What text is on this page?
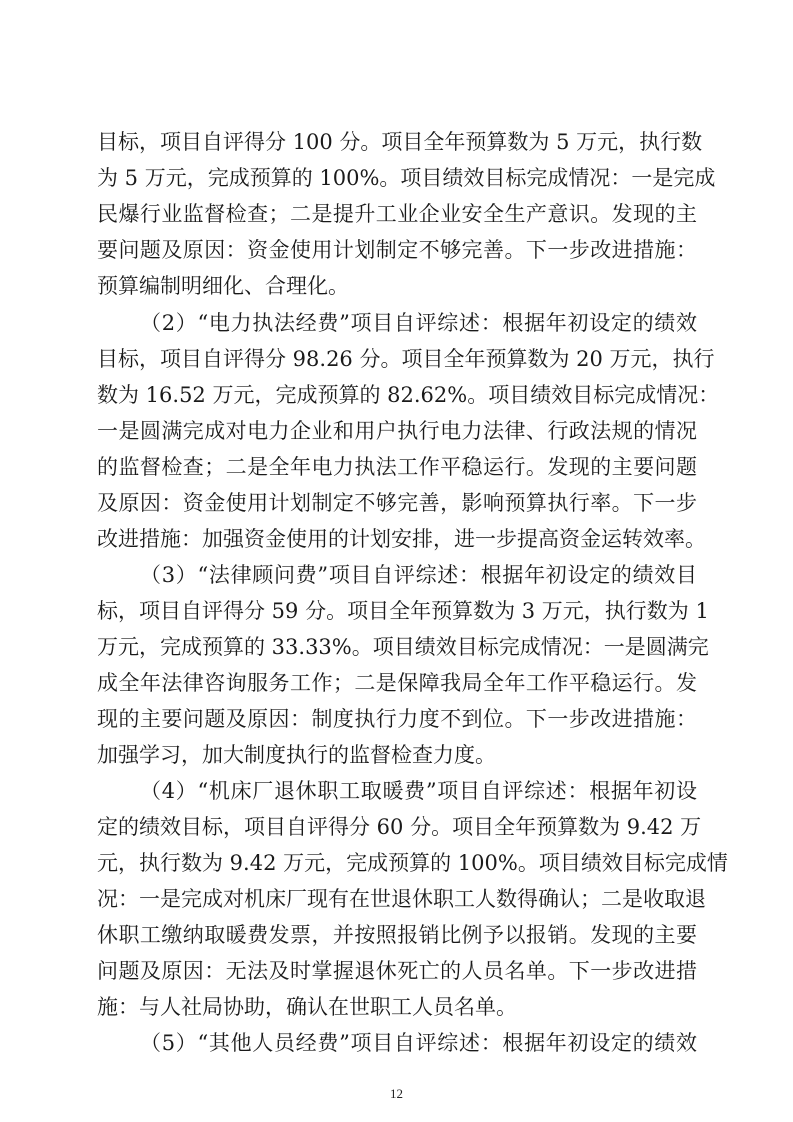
目标，项目自评得分 100 分。项目全年预算数为 5 万元，执行数
为 5 万元，完成预算的 100%。项目绩效目标完成情况：一是完成
民爆行业监督检查；二是提升工业企业安全生产意识。发现的主
要问题及原因：资金使用计划制定不够完善。下一步改进措施：
预算编制明细化、合理化。
（2）“电力执法经费”项目自评综述：根据年初设定的绩效
目标，项目自评得分 98.26 分。项目全年预算数为 20 万元，执行
数为 16.52 万元，完成预算的 82.62%。项目绩效目标完成情况：
一是圆满完成对电力企业和用户执行电力法律、行政法规的情况
的监督检查；二是全年电力执法工作平稳运行。发现的主要问题
及原因：资金使用计划制定不够完善，影响预算执行率。下一步
改进措施：加强资金使用的计划安排，进一步提高资金运转效率。
（3）“法律顾问费”项目自评综述：根据年初设定的绩效目
标，项目自评得分 59 分。项目全年预算数为 3 万元，执行数为 1
万元，完成预算的 33.33%。项目绩效目标完成情况：一是圆满完
成全年法律咨询服务工作；二是保障我局全年工作平稳运行。发
现的主要问题及原因：制度执行力度不到位。下一步改进措施：
加强学习，加大制度执行的监督检查力度。
（4）“机床厂退休职工取暖费”项目自评综述：根据年初设
定的绩效目标，项目自评得分 60 分。项目全年预算数为 9.42 万
元，执行数为 9.42 万元，完成预算的 100%。项目绩效目标完成情
况：一是完成对机床厂现有在世退休职工人数得确认；二是收取退
休职工缴纳取暖费发票，并按照报销比例予以报销。发现的主要
问题及原因：无法及时掌握退休死亡的人员名单。下一步改进措
施：与人社局协助，确认在世职工人员名单。
（5）“其他人员经费”项目自评综述：根据年初设定的绩效
12
